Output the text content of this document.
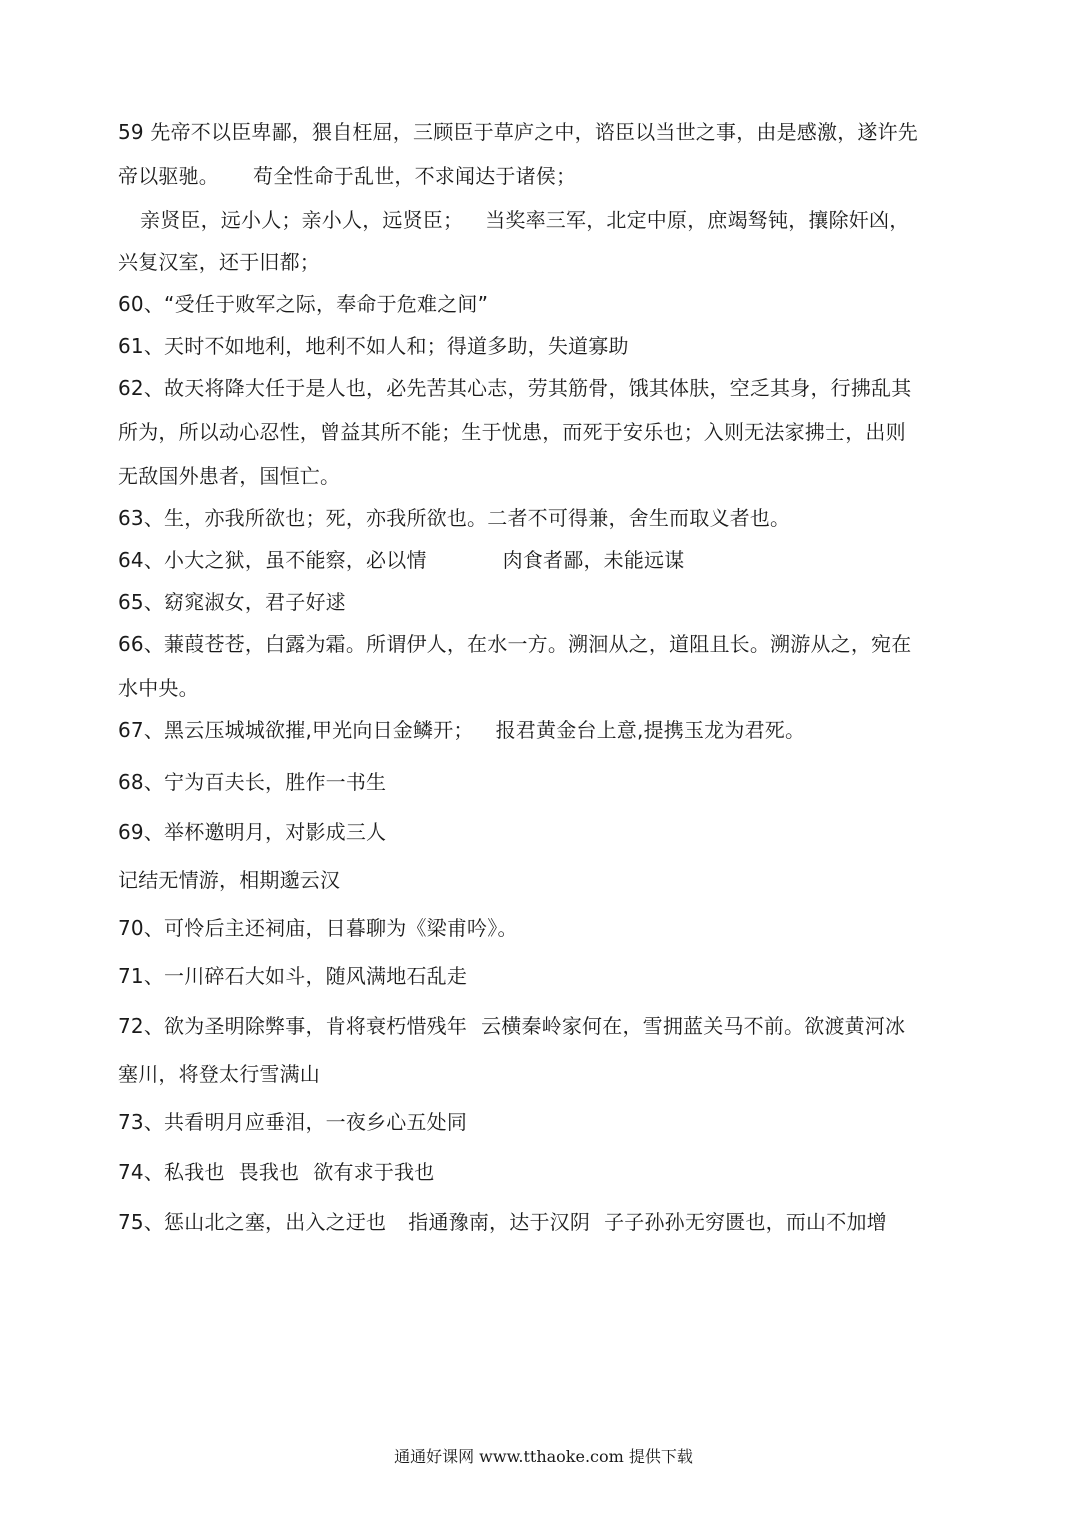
59 先帝不以臣卑鄙，猥自枉屈，三顾臣于草庐之中，谘臣以当世之事，由是感激，遂许先
帝以驱驰。 苟全性命于乱世，不求闻达于诸侯；
亲贤臣，远小人；亲小人，远贤臣； 当奖率三军，北定中原，庶竭驽钝，攘除奸凶，
兴复汉室，还于旧都；
60、“受任于败军之际，奉命于危难之间”
61、天时不如地利，地利不如人和；得道多助，失道寡助
62、故天将降大任于是人也，必先苦其心志，劳其筋骨，饿其体肤，空乏其身，行拂乱其
所为，所以动心忍性，曾益其所不能；生于忧患，而死于安乐也；入则无法家拂士，出则
无敌国外患者，国恒亡。
63、生，亦我所欲也；死，亦我所欲也。二者不可得兼，舍生而取义者也。
64、小大之狱，虽不能察，必以情	肉食者鄙，未能远谋
65、窈窕淑女，君子好逑
66、蒹葭苍苍，白露为霜。所谓伊人，在水一方。溯洄从之，道阻且长。溯游从之，宛在
水中央。
67、黑云压城城欲摧,甲光向日金鳞开； 报君黄金台上意,提携玉龙为君死。
68、宁为百夫长，胜作一书生
69、举杯邀明月，对影成三人
记结无情游，相期邈云汉
70、可怜后主还祠庙，日暮聊为《梁甫吟》。
71、一川碎石大如斗，随风满地石乱走
72、欲为圣明除弊事，肯将衰朽惜残年 云横秦岭家何在，雪拥蓝关马不前。欲渡黄河冰
塞川，将登太行雪满山
73、共看明月应垂泪，一夜乡心五处同
74、私我也 畏我也 欲有求于我也
75、惩山北之塞，出入之迂也 指通豫南，达于汉阴 子子孙孙无穷匮也，而山不加增
通通好课网 www.tthaoke.com 提供下载
